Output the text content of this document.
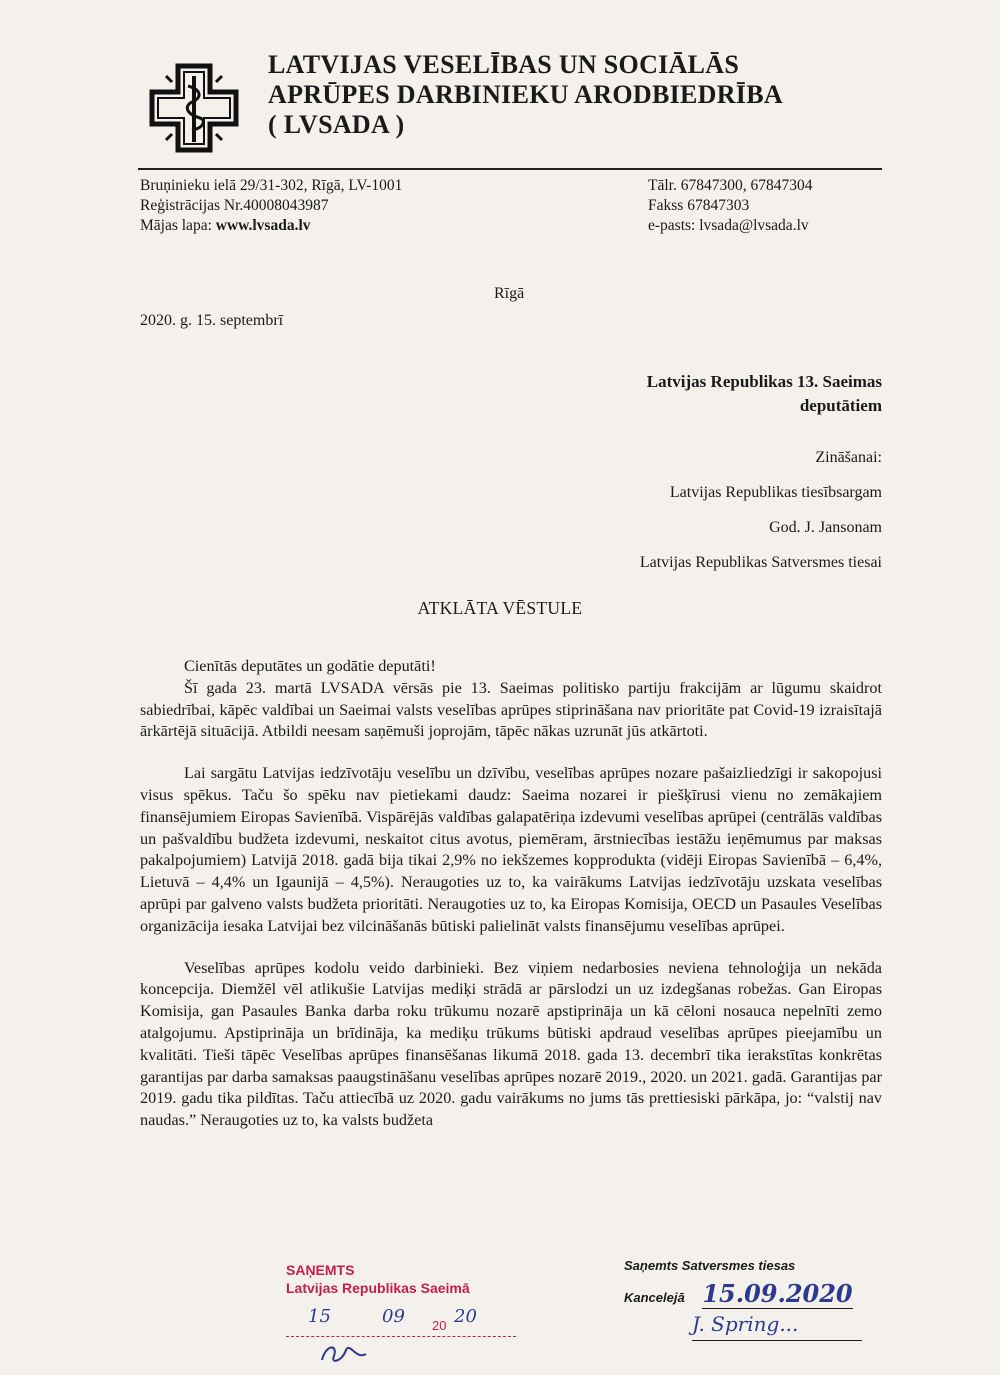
LATVIJAS VESELĪBAS UN SOCIĀLĀS
APRŪPES DARBINIEKU ARODBIEDRĪBA
( LVSADA )
Bruņinieku ielā 29/31-302, Rīgā, LV-1001
Reģistrācijas Nr.40008043987
Mājas lapa: www.lvsada.lv
Tālr. 67847300, 67847304
Fakss 67847303
e-pasts: lvsada@lvsada.lv
Rīgā
2020. g. 15. septembrī
Latvijas Republikas 13. Saeimas
deputātiem
Zināšanai:
Latvijas Republikas tiesībsargam
God. J. Jansonam
Latvijas Republikas Satversmes tiesai
ATKLĀTA VĒSTULE

Cienītās deputātes un godātie deputāti!

Šī gada 23. martā LVSADA vērsās pie 13. Saeimas politisko partiju frakcijām ar lūgumu skaidrot sabiedrībai, kāpēc valdībai un Saeimai valsts veselības aprūpes stiprināšana nav prioritāte pat Covid-19 izraisītajā ārkārtējā situācijā. Atbildi neesam saņēmuši joprojām, tāpēc nākas uzrunāt jūs atkārtoti.

Lai sargātu Latvijas iedzīvotāju veselību un dzīvību, veselības aprūpes nozare pašaizliedzīgi ir sakopojusi visus spēkus. Taču šo spēku nav pietiekami daudz: Saeima nozarei ir piešķīrusi vienu no zemākajiem finansējumiem Eiropas Savienībā. Vispārējās valdības galapatēriņa izdevumi veselības aprūpei (centrālās valdības un pašvaldību budžeta izdevumi, neskaitot citus avotus, piemēram, ārstniecības iestāžu ieņēmumus par maksas pakalpojumiem) Latvijā 2018. gadā bija tikai 2,9% no iekšzemes kopprodukta (vidēji Eiropas Savienībā – 6,4%, Lietuvā – 4,4% un Igaunijā – 4,5%). Neraugoties uz to, ka vairākums Latvijas iedzīvotāju uzskata veselības aprūpi par galveno valsts budžeta prioritāti. Neraugoties uz to, ka Eiropas Komisija, OECD un Pasaules Veselības organizācija iesaka Latvijai bez vilcināšanās būtiski palielināt valsts finansējumu veselības aprūpei.

Veselības aprūpes kodolu veido darbinieki. Bez viņiem nedarbosies neviena tehnoloģija un nekāda koncepcija. Diemžēl vēl atlikušie Latvijas mediķi strādā ar pārslodzi un uz izdegšanas robežas. Gan Eiropas Komisija, gan Pasaules Banka darba roku trūkumu nozarē apstiprināja un kā cēloni nosauca nepelnīti zemo atalgojumu. Apstiprināja un brīdināja, ka mediķu trūkums būtiski apdraud veselības aprūpes pieejamību un kvalitāti. Tieši tāpēc Veselības aprūpes finansēšanas likumā 2018. gada 13. decembrī tika ierakstītas konkrētas garantijas par darba samaksas paaugstināšanu veselības aprūpes nozarē 2019., 2020. un 2021. gadā. Garantijas par 2019. gadu tika pildītas. Taču attiecībā uz 2020. gadu vairākums no jums tās prettiesiski pārkāpa, jo: “valstij nav naudas.” Neraugoties uz to, ka valsts budžeta

SAŅEMTS
Latvijas Republikas Saeimā
15	09 20 20
Saņemts Satversmes tiesas
Kancelejā 15.09.2020
J. Spring...
